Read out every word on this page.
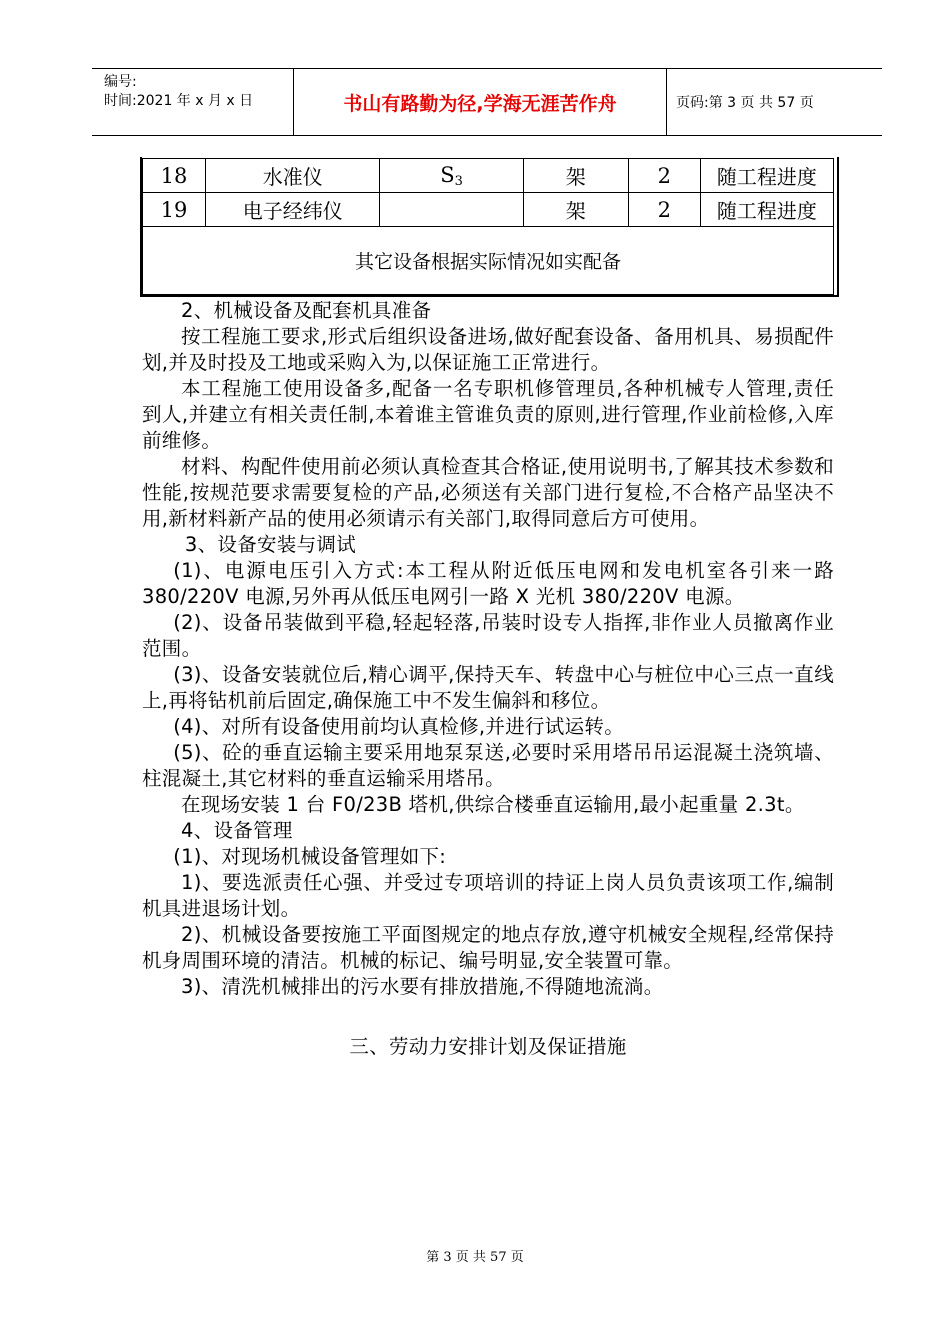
编号:
时间:2021 年 x 月 x 日	书山有路勤为径,学海无涯苦作舟	页码:第 3 页 共 57 页
18	水准仪	$S_3$	架	2	随工程进度
19	电子经纬仪		架	2	随工程进度
其它设备根据实际情况如实配备					

2、机械设备及配套机具准备

按工程施工要求,形式后组织设备进场,做好配套设备、备用机具、易损配件划,并及时投及工地或采购入为,以保证施工正常进行。

本工程施工使用设备多,配备一名专职机修管理员,各种机械专人管理,责任到人,并建立有相关责任制,本着谁主管谁负责的原则,进行管理,作业前检修,入库前维修。

材料、构配件使用前必须认真检查其合格证,使用说明书,了解其技术参数和性能,按规范要求需要复检的产品,必须送有关部门进行复检,不合格产品坚决不用,新材料新产品的使用必须请示有关部门,取得同意后方可使用。

3、设备安装与调试

(1)、电源电压引入方式:本工程从附近低压电网和发电机室各引来一路 380/220V 电源,另外再从低压电网引一路 X 光机 380/220V 电源。

(2)、设备吊装做到平稳,轻起轻落,吊装时设专人指挥,非作业人员撤离作业范围。

(3)、设备安装就位后,精心调平,保持天车、转盘中心与桩位中心三点一直线上,再将钻机前后固定,确保施工中不发生偏斜和移位。

(4)、对所有设备使用前均认真检修,并进行试运转。

(5)、砼的垂直运输主要采用地泵泵送,必要时采用塔吊吊运混凝土浇筑墙、柱混凝土,其它材料的垂直运输采用塔吊。

在现场安装 1 台 F0/23B 塔机,供综合楼垂直运输用,最小起重量 2.3t。

4、设备管理

(1)、对现场机械设备管理如下:

1)、要选派责任心强、并受过专项培训的持证上岗人员负责该项工作,编制机具进退场计划。

2)、机械设备要按施工平面图规定的地点存放,遵守机械安全规程,经常保持机身周围环境的清洁。机械的标记、编号明显,安全装置可靠。

3)、清洗机械排出的污水要有排放措施,不得随地流淌。

三、劳动力安排计划及保证措施

第 3 页 共 57 页
